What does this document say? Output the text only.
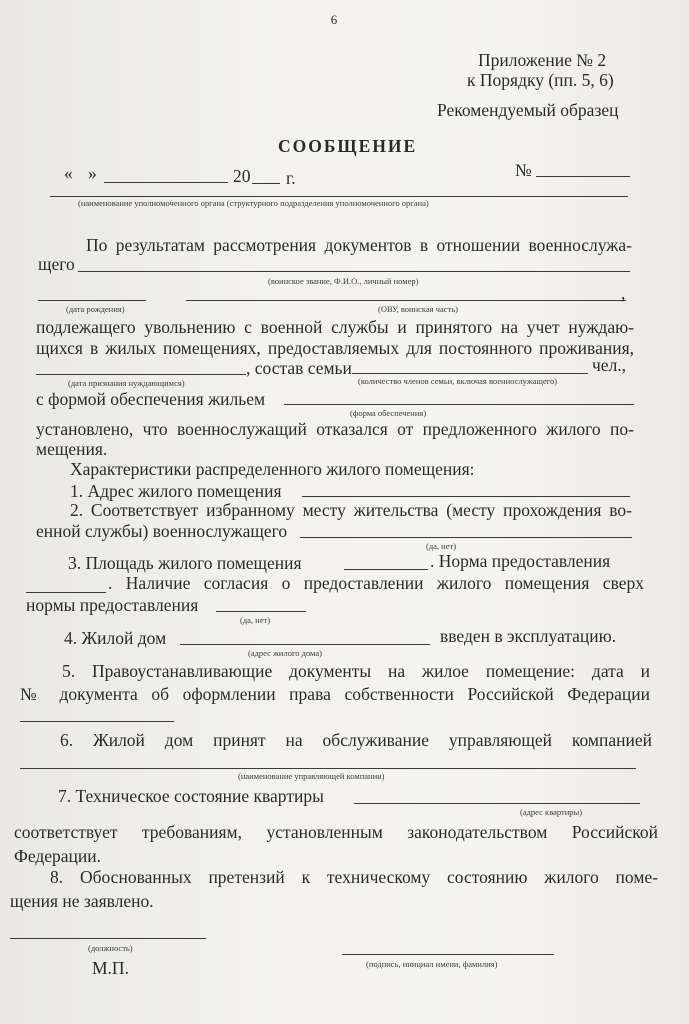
6
Приложение № 2
к Порядку (пп. 5, 6)
Рекомендуемый образец
СООБЩЕНИЕ
« »	20 г.	№
(наименование уполномоченного органа (структурного подразделения уполномоченного органа)
По результатам рассмотрения документов в отношении военнослужа-
щего
(воинское звание, Ф.И.О., личный номер)
,
(дата рождения)	(ОВУ, воинская часть)
подлежащего увольнению с военной службы и принятого на учет нуждаю-
щихся в жилых помещениях, предоставляемых для постоянного проживания,
, состав семьи	чел.,
(дата признания нуждающимся)	(количество членов семьи, включая военнослужащего)
с формой обеспечения жильем
(форма обеспечения)
установлено, что военнослужащий отказался от предложенного жилого по-
мещения.
Характеристики распределенного жилого помещения:
1. Адрес жилого помещения
2. Соответствует избранному месту жительства (месту прохождения во-
енной службы) военнослужащего
(да, нет)
3. Площадь жилого помещения	. Норма предоставления
. Наличие согласия о предоставлении жилого помещения сверх
нормы предоставления
(да, нет)
4. Жилой дом	введен в эксплуатацию.
(адрес жилого дома)
5. Правоустанавливающие документы на жилое помещение: дата и
№ документа об оформлении права собственности Российской Федерации
6. Жилой дом принят на обслуживание управляющей компанией
(наименование управляющей компании)
7. Техническое состояние квартиры
(адрес квартиры)
соответствует требованиям, установленным законодательством Российской
Федерации.
8. Обоснованных претензий к техническому состоянию жилого поме-
щения не заявлено.
(должность)
(подпись, инициал имени, фамилия)
М.П.
